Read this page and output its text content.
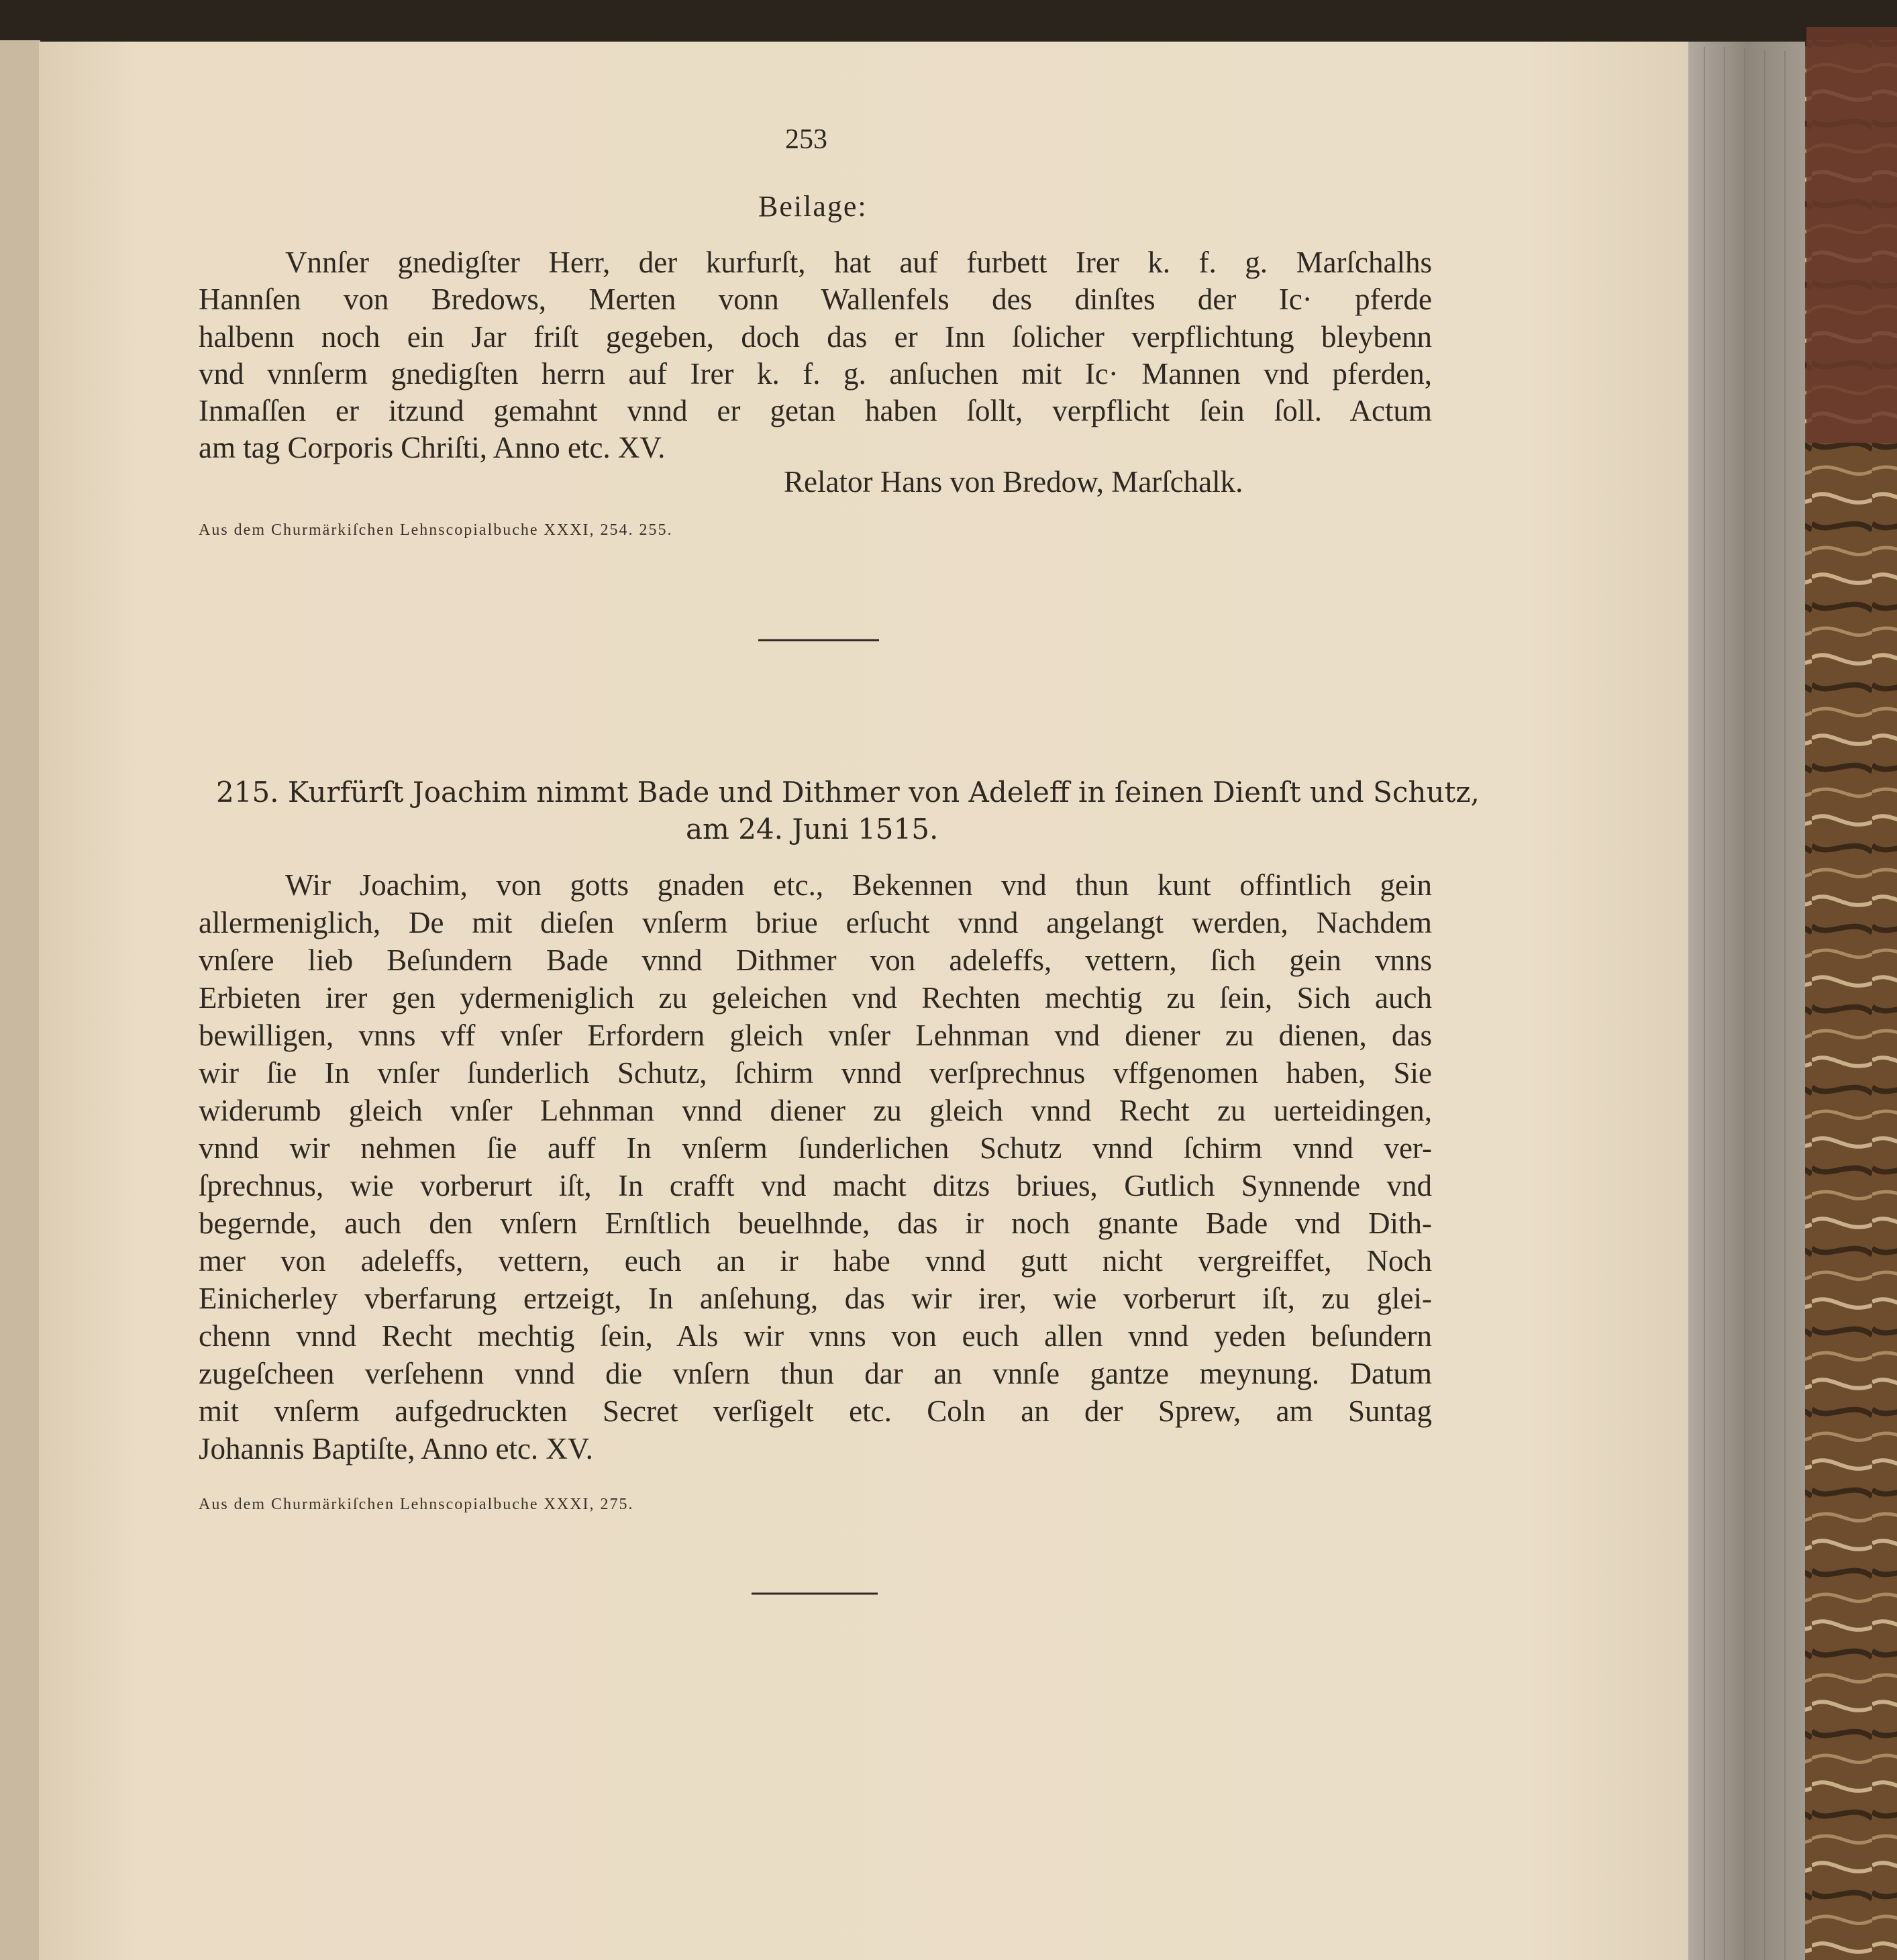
253
Beilage:
Vnnſer gnedigſter Herr, der kurfurſt, hat auf furbett Irer k. f. g. Marſchalhs
Hannſen von Bredows, Merten vonn Wallenfels des dinſtes der Ic· pferde
halbenn noch ein Jar friſt gegeben, doch das er Inn ſolicher verpflichtung bleybenn
vnd vnnſerm gnedigſten herrn auf Irer k. f. g. anſuchen mit Ic· Mannen vnd pferden,
Inmaſſen er itzund gemahnt vnnd er getan haben ſollt, verpflicht ſein ſoll. Actum
am tag Corporis Chriſti, Anno etc. XV.
Relator Hans von Bredow, Marſchalk.
Aus dem Churmärkiſchen Lehnscopialbuche XXXI, 254. 255.
215. Kurfürſt Joachim nimmt Bade und Dithmer von Adeleff in ſeinen Dienſt und Schutz,
am 24. Juni 1515.
Wir Joachim, von gotts gnaden etc., Bekennen vnd thun kunt offintlich gein
allermeniglich, De mit dieſen vnſerm briue erſucht vnnd angelangt werden, Nachdem
vnſere lieb Beſundern Bade vnnd Dithmer von adeleffs, vettern, ſich gein vnns
Erbieten irer gen ydermeniglich zu geleichen vnd Rechten mechtig zu ſein, Sich auch
bewilligen, vnns vff vnſer Erfordern gleich vnſer Lehnman vnd diener zu dienen, das
wir ſie In vnſer ſunderlich Schutz, ſchirm vnnd verſprechnus vffgenomen haben, Sie
widerumb gleich vnſer Lehnman vnnd diener zu gleich vnnd Recht zu uerteidingen,
vnnd wir nehmen ſie auff In vnſerm ſunderlichen Schutz vnnd ſchirm vnnd ver-
ſprechnus, wie vorberurt iſt, In crafft vnd macht ditzs briues, Gutlich Synnende vnd
begernde, auch den vnſern Ernſtlich beuelhnde, das ir noch gnante Bade vnd Dith-
mer von adeleffs, vettern, euch an ir habe vnnd gutt nicht vergreiffet, Noch
Einicherley vberfarung ertzeigt, In anſehung, das wir irer, wie vorberurt iſt, zu glei-
chenn vnnd Recht mechtig ſein, Als wir vnns von euch allen vnnd yeden beſundern
zugeſcheen verſehenn vnnd die vnſern thun dar an vnnſe gantze meynung. Datum
mit vnſerm aufgedruckten Secret verſigelt etc. Coln an der Sprew, am Suntag
Johannis Baptiſte, Anno etc. XV.
Aus dem Churmärkiſchen Lehnscopialbuche XXXI, 275.
